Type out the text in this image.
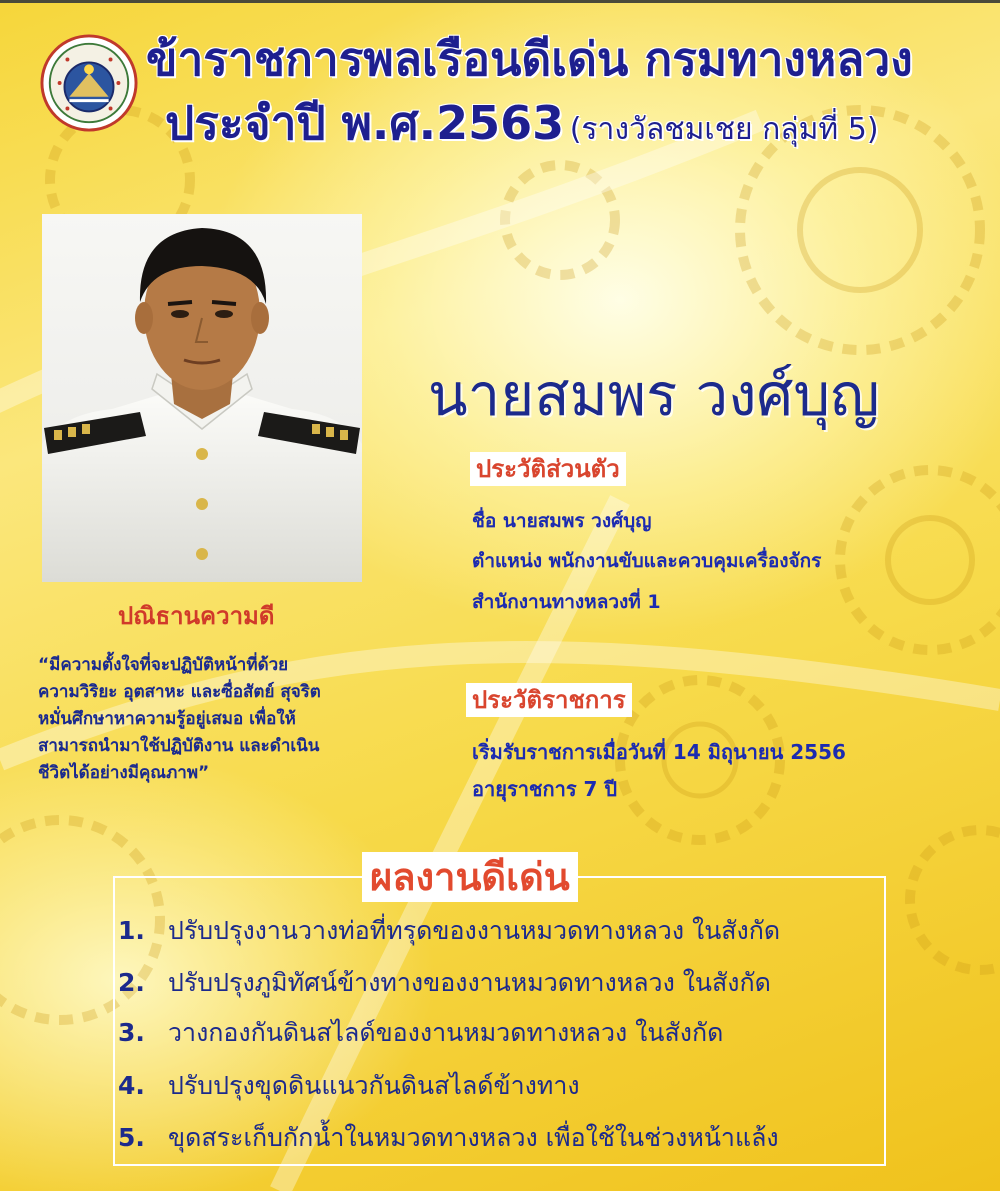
ข้าราชการพลเรือนดีเด่น กรมทางหลวง
ประจำปี พ.ศ.2563 (รางวัลชมเชย กลุ่มที่ 5)
นายสมพร วงศ์บุญ
ประวัติส่วนตัว
ชื่อ นายสมพร วงศ์บุญ
ตำแหน่ง พนักงานขับและควบคุมเครื่องจักร
สำนักงานทางหลวงที่ 1
ประวัติราชการ
เริ่มรับราชการเมื่อวันที่ 14 มิถุนายน 2556
อายุราชการ 7 ปี
ปณิธานความดี
“มีความตั้งใจที่จะปฏิบัติหน้าที่ด้วย
ความวิริยะ อุตสาหะ และซื่อสัตย์ สุจริต
หมั่นศึกษาหาความรู้อยู่เสมอ เพื่อให้
สามารถนำมาใช้ปฏิบัติงาน และดำเนิน
ชีวิตได้อย่างมีคุณภาพ”
ผลงานดีเด่น
1. ปรับปรุงงานวางท่อที่ทรุดของงานหมวดทางหลวง ในสังกัด
2. ปรับปรุงภูมิทัศน์ข้างทางของงานหมวดทางหลวง ในสังกัด
3. วางกองกันดินสไลด์ของงานหมวดทางหลวง ในสังกัด
4. ปรับปรุงขุดดินแนวกันดินสไลด์ข้างทาง
5. ขุดสระเก็บกักน้ำในหมวดทางหลวง เพื่อใช้ในช่วงหน้าแล้ง
